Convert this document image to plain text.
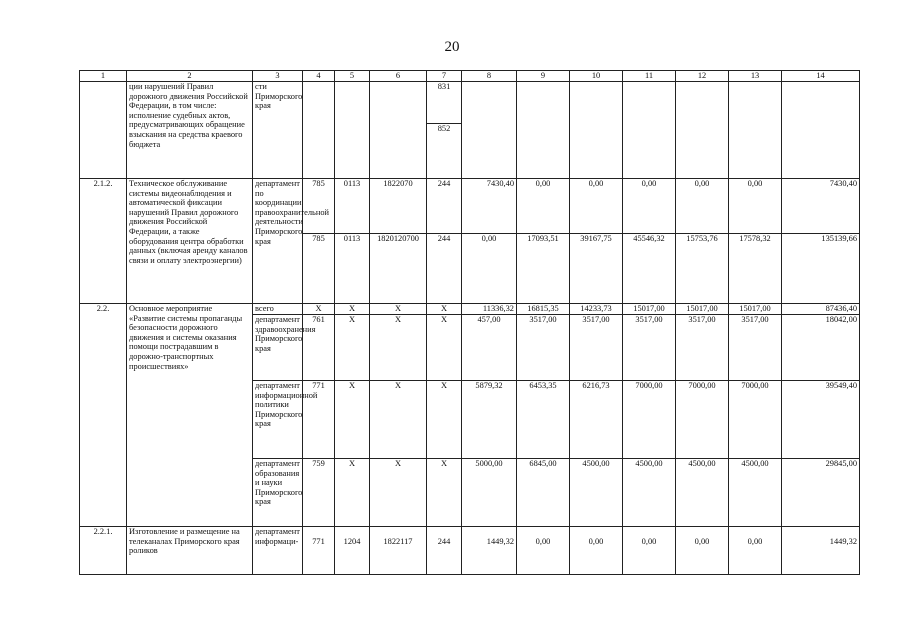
20
1	2	3	4	5	6	7	8	9	10	11	12	13	14
	ции нарушений Правил дорожного движения Российской Федерации, в том числе: исполнение судебных актов, предусматривающих обращение взыскания на средства краевого бюджета	сти Приморского края				831							
						852							
2.1.2.	Техническое обслуживание системы видеонаблюдения и автоматической фиксации нарушений Правил дорожного движения Российской Федерации, а также оборудования центра обработки данных (включая аренду каналов связи и оплату электроэнергии)	департамент по координации правоохранительной деятельности Приморского края	785	0113	1822070	244	7430,40	0,00	0,00	0,00	0,00	0,00	7430,40
			785	0113	1820120700	244	0,00	17093,51	39167,75	45546,32	15753,76	17578,32	135139,66
2.2.	Основное мероприятие «Развитие системы пропаганды безопасности дорожного движения и системы оказания помощи пострадавшим в дорожно-транспортных происшествиях»	всего	Х	Х	Х	Х	11336,32	16815,35	14233,73	15017,00	15017,00	15017,00	87436,40
		департамент здравоохранения Приморского края	761	Х	Х	Х	457,00	3517,00	3517,00	3517,00	3517,00	3517,00	18042,00
		департамент информационной политики Приморского края	771	Х	Х	Х	5879,32	6453,35	6216,73	7000,00	7000,00	7000,00	39549,40
		департамент образования и науки Приморского края	759	Х	Х	Х	5000,00	6845,00	4500,00	4500,00	4500,00	4500,00	29845,00
2.2.1.	Изготовление и размещение на телеканалах Приморского края роликов	департамент информаци-	771	1204	1822117	244	1449,32	0,00	0,00	0,00	0,00	0,00	1449,32
